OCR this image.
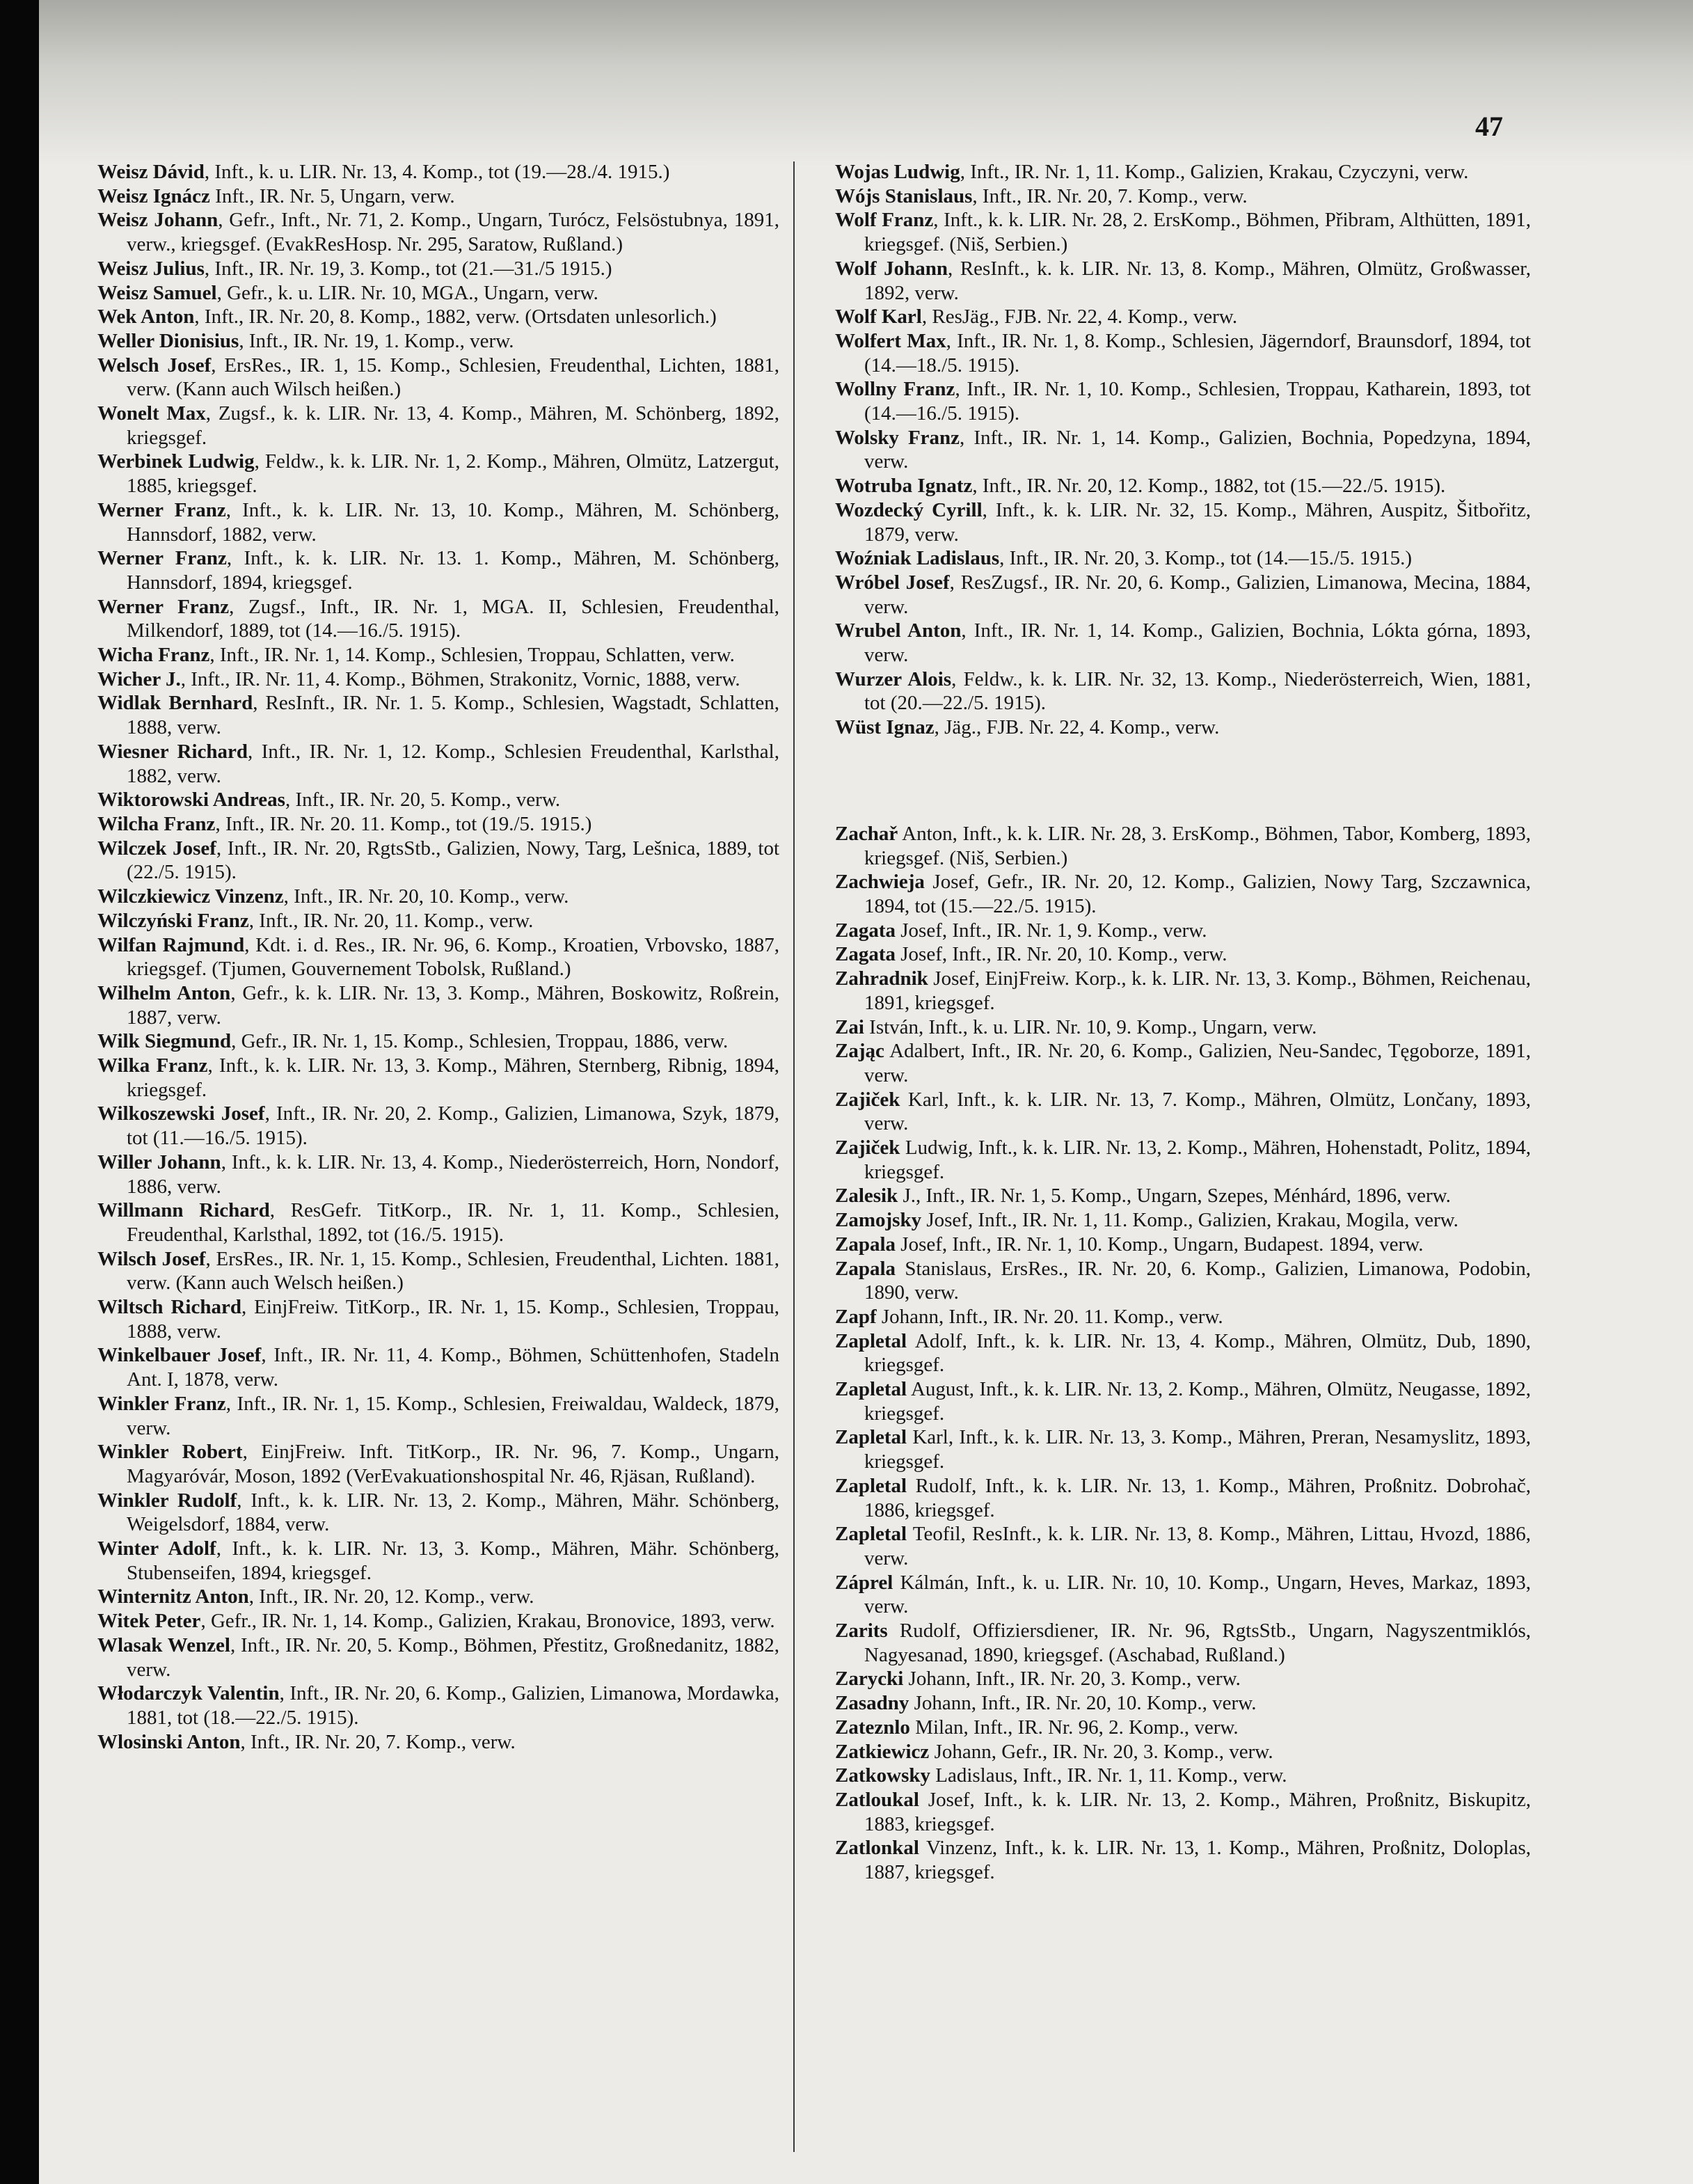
47
Weisz Dávid, Inft., k. u. LIR. Nr. 13, 4. Komp., tot (19.—28./4. 1915.)
Weisz Ignácz Inft., IR. Nr. 5, Ungarn, verw.
Weisz Johann, Gefr., Inft., Nr. 71, 2. Komp., Ungarn, Turócz, Felsöstubnya, 1891, verw., kriegsgef. (EvakResHosp. Nr. 295, Saratow, Rußland.)
Weisz Julius, Inft., IR. Nr. 19, 3. Komp., tot (21.—31./5 1915.)
Weisz Samuel, Gefr., k. u. LIR. Nr. 10, MGA., Ungarn, verw.
Wek Anton, Inft., IR. Nr. 20, 8. Komp., 1882, verw. (Ortsdaten unlesorlich.)
Weller Dionisius, Inft., IR. Nr. 19, 1. Komp., verw.
Welsch Josef, ErsRes., IR. 1, 15. Komp., Schlesien, Freudenthal, Lichten, 1881, verw. (Kann auch Wilsch heißen.)
Wonelt Max, Zugsf., k. k. LIR. Nr. 13, 4. Komp., Mähren, M. Schönberg, 1892, kriegsgef.
Werbinek Ludwig, Feldw., k. k. LIR. Nr. 1, 2. Komp., Mähren, Olmütz, Latzergut, 1885, kriegsgef.
Werner Franz, Inft., k. k. LIR. Nr. 13, 10. Komp., Mähren, M. Schönberg, Hannsdorf, 1882, verw.
Werner Franz, Inft., k. k. LIR. Nr. 13. 1. Komp., Mähren, M. Schönberg, Hannsdorf, 1894, kriegsgef.
Werner Franz, Zugsf., Inft., IR. Nr. 1, MGA. II, Schlesien, Freudenthal, Milkendorf, 1889, tot (14.—16./5. 1915).
Wicha Franz, Inft., IR. Nr. 1, 14. Komp., Schlesien, Troppau, Schlatten, verw.
Wicher J., Inft., IR. Nr. 11, 4. Komp., Böhmen, Strakonitz, Vornic, 1888, verw.
Widlak Bernhard, ResInft., IR. Nr. 1. 5. Komp., Schlesien, Wagstadt, Schlatten, 1888, verw.
Wiesner Richard, Inft., IR. Nr. 1, 12. Komp., Schlesien Freudenthal, Karlsthal, 1882, verw.
Wiktorowski Andreas, Inft., IR. Nr. 20, 5. Komp., verw.
Wilcha Franz, Inft., IR. Nr. 20. 11. Komp., tot (19./5. 1915.)
Wilczek Josef, Inft., IR. Nr. 20, RgtsStb., Galizien, Nowy, Targ, Lešnica, 1889, tot (22./5. 1915).
Wilczkiewicz Vinzenz, Inft., IR. Nr. 20, 10. Komp., verw.
Wilczyński Franz, Inft., IR. Nr. 20, 11. Komp., verw.
Wilfan Rajmund, Kdt. i. d. Res., IR. Nr. 96, 6. Komp., Kroatien, Vrbovsko, 1887, kriegsgef. (Tjumen, Gouvernement Tobolsk, Rußland.)
Wilhelm Anton, Gefr., k. k. LIR. Nr. 13, 3. Komp., Mähren, Boskowitz, Roßrein, 1887, verw.
Wilk Siegmund, Gefr., IR. Nr. 1, 15. Komp., Schlesien, Troppau, 1886, verw.
Wilka Franz, Inft., k. k. LIR. Nr. 13, 3. Komp., Mähren, Sternberg, Ribnig, 1894, kriegsgef.
Wilkoszewski Josef, Inft., IR. Nr. 20, 2. Komp., Galizien, Limanowa, Szyk, 1879, tot (11.—16./5. 1915).
Willer Johann, Inft., k. k. LIR. Nr. 13, 4. Komp., Niederösterreich, Horn, Nondorf, 1886, verw.
Willmann Richard, ResGefr. TitKorp., IR. Nr. 1, 11. Komp., Schlesien, Freudenthal, Karlsthal, 1892, tot (16./5. 1915).
Wilsch Josef, ErsRes., IR. Nr. 1, 15. Komp., Schlesien, Freudenthal, Lichten. 1881, verw. (Kann auch Welsch heißen.)
Wiltsch Richard, EinjFreiw. TitKorp., IR. Nr. 1, 15. Komp., Schlesien, Troppau, 1888, verw.
Winkelbauer Josef, Inft., IR. Nr. 11, 4. Komp., Böhmen, Schüttenhofen, Stadeln Ant. I, 1878, verw.
Winkler Franz, Inft., IR. Nr. 1, 15. Komp., Schlesien, Freiwaldau, Waldeck, 1879, verw.
Winkler Robert, EinjFreiw. Inft. TitKorp., IR. Nr. 96, 7. Komp., Ungarn, Magyaróvár, Moson, 1892 (VerEvakuationshospital Nr. 46, Rjäsan, Rußland).
Winkler Rudolf, Inft., k. k. LIR. Nr. 13, 2. Komp., Mähren, Mähr. Schönberg, Weigelsdorf, 1884, verw.
Winter Adolf, Inft., k. k. LIR. Nr. 13, 3. Komp., Mähren, Mähr. Schönberg, Stubenseifen, 1894, kriegsgef.
Winternitz Anton, Inft., IR. Nr. 20, 12. Komp., verw.
Witek Peter, Gefr., IR. Nr. 1, 14. Komp., Galizien, Krakau, Bronovice, 1893, verw.
Wlasak Wenzel, Inft., IR. Nr. 20, 5. Komp., Böhmen, Přestitz, Großnedanitz, 1882, verw.
Włodarczyk Valentin, Inft., IR. Nr. 20, 6. Komp., Galizien, Limanowa, Mordawka, 1881, tot (18.—22./5. 1915).
Wlosinski Anton, Inft., IR. Nr. 20, 7. Komp., verw.
Wojas Ludwig, Inft., IR. Nr. 1, 11. Komp., Galizien, Krakau, Czyczyni, verw.
Wójs Stanislaus, Inft., IR. Nr. 20, 7. Komp., verw.
Wolf Franz, Inft., k. k. LIR. Nr. 28, 2. ErsKomp., Böhmen, Přibram, Althütten, 1891, kriegsgef. (Niš, Serbien.)
Wolf Johann, ResInft., k. k. LIR. Nr. 13, 8. Komp., Mähren, Olmütz, Großwasser, 1892, verw.
Wolf Karl, ResJäg., FJB. Nr. 22, 4. Komp., verw.
Wolfert Max, Inft., IR. Nr. 1, 8. Komp., Schlesien, Jägerndorf, Braunsdorf, 1894, tot (14.—18./5. 1915).
Wollny Franz, Inft., IR. Nr. 1, 10. Komp., Schlesien, Troppau, Katharein, 1893, tot (14.—16./5. 1915).
Wolsky Franz, Inft., IR. Nr. 1, 14. Komp., Galizien, Bochnia, Popedzyna, 1894, verw.
Wotruba Ignatz, Inft., IR. Nr. 20, 12. Komp., 1882, tot (15.—22./5. 1915).
Wozdecký Cyrill, Inft., k. k. LIR. Nr. 32, 15. Komp., Mähren, Auspitz, Šitbořitz, 1879, verw.
Woźniak Ladislaus, Inft., IR. Nr. 20, 3. Komp., tot (14.—15./5. 1915.)
Wróbel Josef, ResZugsf., IR. Nr. 20, 6. Komp., Galizien, Limanowa, Mecina, 1884, verw.
Wrubel Anton, Inft., IR. Nr. 1, 14. Komp., Galizien, Bochnia, Lókta górna, 1893, verw.
Wurzer Alois, Feldw., k. k. LIR. Nr. 32, 13. Komp., Niederösterreich, Wien, 1881, tot (20.—22./5. 1915).
Wüst Ignaz, Jäg., FJB. Nr. 22, 4. Komp., verw.
Zachař Anton, Inft., k. k. LIR. Nr. 28, 3. ErsKomp., Böhmen, Tabor, Komberg, 1893, kriegsgef. (Niš, Serbien.)
Zachwieja Josef, Gefr., IR. Nr. 20, 12. Komp., Galizien, Nowy Targ, Szczawnica, 1894, tot (15.—22./5. 1915).
Zagata Josef, Inft., IR. Nr. 1, 9. Komp., verw.
Zagata Josef, Inft., IR. Nr. 20, 10. Komp., verw.
Zahradnik Josef, EinjFreiw. Korp., k. k. LIR. Nr. 13, 3. Komp., Böhmen, Reichenau, 1891, kriegsgef.
Zai István, Inft., k. u. LIR. Nr. 10, 9. Komp., Ungarn, verw.
Zając Adalbert, Inft., IR. Nr. 20, 6. Komp., Galizien, Neu-Sandec, Tęgoborze, 1891, verw.
Zajiček Karl, Inft., k. k. LIR. Nr. 13, 7. Komp., Mähren, Olmütz, Lončany, 1893, verw.
Zajiček Ludwig, Inft., k. k. LIR. Nr. 13, 2. Komp., Mähren, Hohenstadt, Politz, 1894, kriegsgef.
Zalesik J., Inft., IR. Nr. 1, 5. Komp., Ungarn, Szepes, Ménhárd, 1896, verw.
Zamojsky Josef, Inft., IR. Nr. 1, 11. Komp., Galizien, Krakau, Mogila, verw.
Zapala Josef, Inft., IR. Nr. 1, 10. Komp., Ungarn, Budapest. 1894, verw.
Zapala Stanislaus, ErsRes., IR. Nr. 20, 6. Komp., Galizien, Limanowa, Podobin, 1890, verw.
Zapf Johann, Inft., IR. Nr. 20. 11. Komp., verw.
Zapletal Adolf, Inft., k. k. LIR. Nr. 13, 4. Komp., Mähren, Olmütz, Dub, 1890, kriegsgef.
Zapletal August, Inft., k. k. LIR. Nr. 13, 2. Komp., Mähren, Olmütz, Neugasse, 1892, kriegsgef.
Zapletal Karl, Inft., k. k. LIR. Nr. 13, 3. Komp., Mähren, Preran, Nesamyslitz, 1893, kriegsgef.
Zapletal Rudolf, Inft., k. k. LIR. Nr. 13, 1. Komp., Mähren, Proßnitz. Dobrohač, 1886, kriegsgef.
Zapletal Teofil, ResInft., k. k. LIR. Nr. 13, 8. Komp., Mähren, Littau, Hvozd, 1886, verw.
Záprel Kálmán, Inft., k. u. LIR. Nr. 10, 10. Komp., Ungarn, Heves, Markaz, 1893, verw.
Zarits Rudolf, Offiziersdiener, IR. Nr. 96, RgtsStb., Ungarn, Nagyszentmiklós, Nagyesanad, 1890, kriegsgef. (Aschabad, Rußland.)
Zarycki Johann, Inft., IR. Nr. 20, 3. Komp., verw.
Zasadny Johann, Inft., IR. Nr. 20, 10. Komp., verw.
Zateznlo Milan, Inft., IR. Nr. 96, 2. Komp., verw.
Zatkiewicz Johann, Gefr., IR. Nr. 20, 3. Komp., verw.
Zatkowsky Ladislaus, Inft., IR. Nr. 1, 11. Komp., verw.
Zatloukal Josef, Inft., k. k. LIR. Nr. 13, 2. Komp., Mähren, Proßnitz, Biskupitz, 1883, kriegsgef.
Zatlonkal Vinzenz, Inft., k. k. LIR. Nr. 13, 1. Komp., Mähren, Proßnitz, Doloplas, 1887, kriegsgef.
